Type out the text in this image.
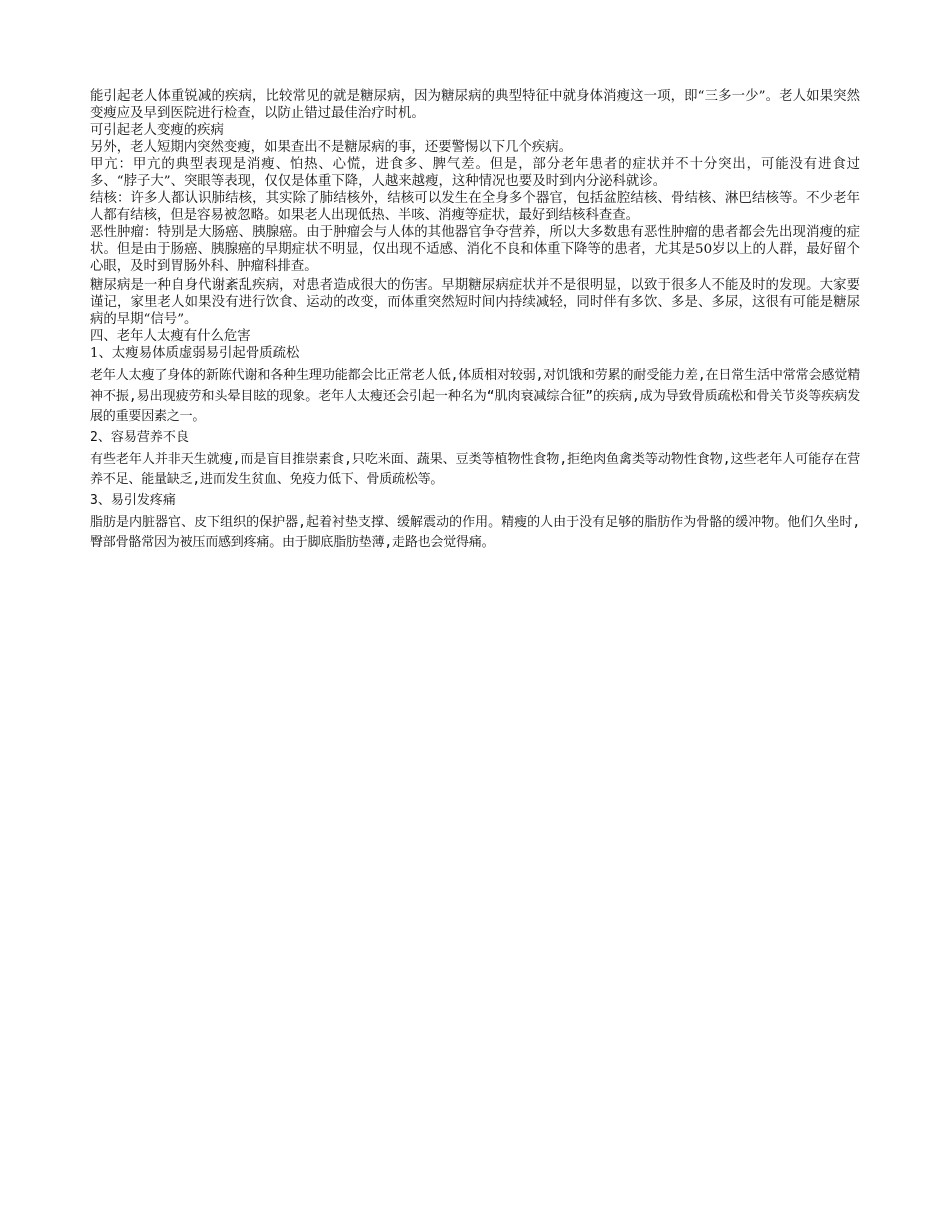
能引起老人体重锐减的疾病，比较常见的就是糖尿病，因为糖尿病的典型特征中就身体消瘦这一项，即“三多一少”。老人如果突然变瘦应及早到医院进行检查，以防止错过最佳治疗时机。

可引起老人变瘦的疾病

另外，老人短期内突然变瘦，如果查出不是糖尿病的事，还要警惕以下几个疾病。

甲亢：甲亢的典型表现是消瘦、怕热、心慌，进食多、脾气差。但是，部分老年患者的症状并不十分突出，可能没有进食过多、“脖子大”、突眼等表现，仅仅是体重下降，人越来越瘦，这种情况也要及时到内分泌科就诊。

结核：许多人都认识肺结核，其实除了肺结核外，结核可以发生在全身多个器官，包括盆腔结核、骨结核、淋巴结核等。不少老年人都有结核，但是容易被忽略。如果老人出现低热、半咳、消瘦等症状，最好到结核科查查。

恶性肿瘤：特别是大肠癌、胰腺癌。由于肿瘤会与人体的其他器官争夺营养，所以大多数患有恶性肿瘤的患者都会先出现消瘦的症状。但是由于肠癌、胰腺癌的早期症状不明显，仅出现不适感、消化不良和体重下降等的患者，尤其是50岁以上的人群，最好留个心眼，及时到胃肠外科、肿瘤科排查。

糖尿病是一种自身代谢紊乱疾病，对患者造成很大的伤害。早期糖尿病症状并不是很明显，以致于很多人不能及时的发现。大家要谨记，家里老人如果没有进行饮食、运动的改变，而体重突然短时间内持续减轻，同时伴有多饮、多是、多尿，这很有可能是糖尿病的早期“信号”。

四、老年人太瘦有什么危害

1、太瘦易体质虚弱易引起骨质疏松

老年人太瘦了身体的新陈代谢和各种生理功能都会比正常老人低,体质相对较弱,对饥饿和劳累的耐受能力差,在日常生活中常常会感觉精神不振,易出现疲劳和头晕目眩的现象。老年人太瘦还会引起一种名为“肌肉衰减综合征”的疾病,成为导致骨质疏松和骨关节炎等疾病发展的重要因素之一。

2、容易营养不良

有些老年人并非天生就瘦,而是盲目推崇素食,只吃米面、蔬果、豆类等植物性食物,拒绝肉鱼禽类等动物性食物,这些老年人可能存在营养不足、能量缺乏,进而发生贫血、免疫力低下、骨质疏松等。

3、易引发疼痛

脂肪是内脏器官、皮下组织的保护器,起着衬垫支撑、缓解震动的作用。精瘦的人由于没有足够的脂肪作为骨骼的缓冲物。他们久坐时,臀部骨骼常因为被压而感到疼痛。由于脚底脂肪垫薄,走路也会觉得痛。
